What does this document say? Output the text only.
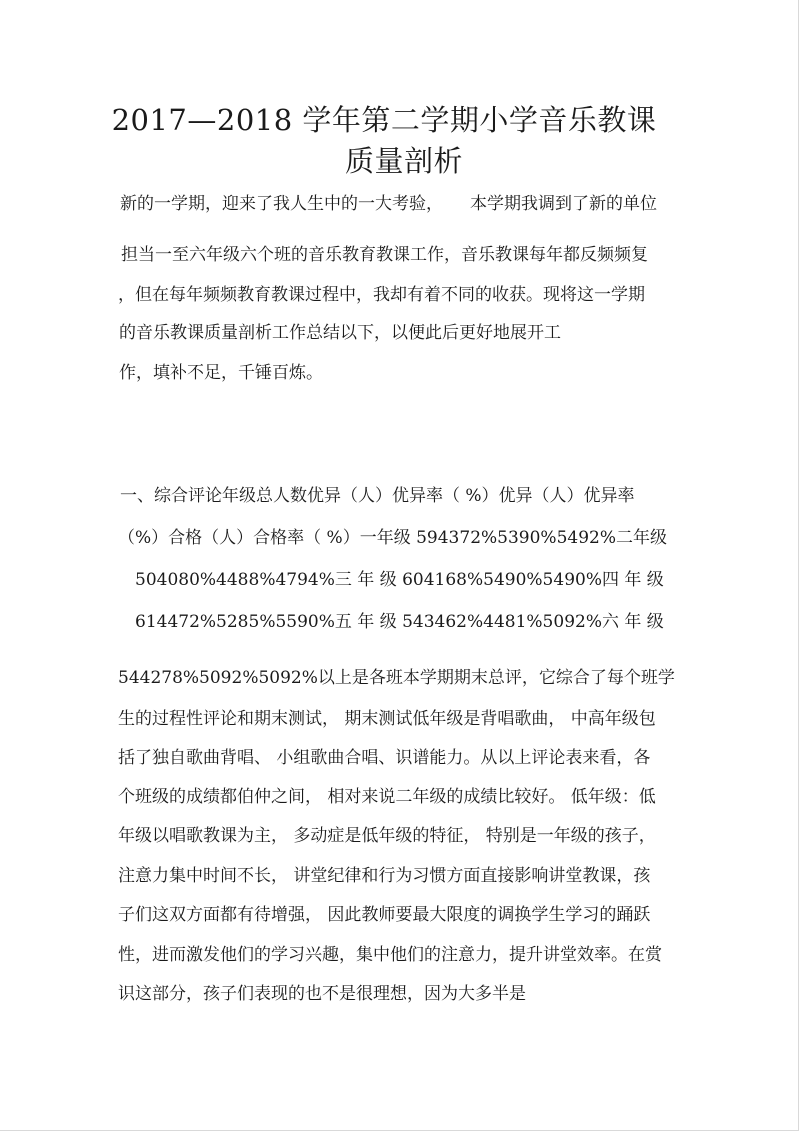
2017—2018 学年第二学期小学音乐教课
质量剖析
新的一学期，迎来了我人生中的一大考验， 本学期我调到了新的单位
担当一至六年级六个班的音乐教育教课工作，音乐教课每年都反频频复
，但在每年频频教育教课过程中，我却有着不同的收获。现将这一学期
的音乐教课质量剖析工作总结以下，以便此后更好地展开工
作，填补不足，千锤百炼。
一、综合评论年级总人数优异（人）优异率（ %）优异（人）优异率
（%）合格（人）合格率（ %）一年级 594372%5390%5492%二年级
504080%4488%4794%三 年 级 604168%5490%5490%四 年 级
614472%5285%5590%五 年 级 543462%4481%5092%六 年 级
544278%5092%5092%以上是各班本学期期末总评，它综合了每个班学
生的过程性评论和期末测试， 期末测试低年级是背唱歌曲， 中高年级包
括了独自歌曲背唱、 小组歌曲合唱、识谱能力。从以上评论表来看，各
个班级的成绩都伯仲之间， 相对来说二年级的成绩比较好。 低年级：低
年级以唱歌教课为主， 多动症是低年级的特征， 特别是一年级的孩子，
注意力集中时间不长， 讲堂纪律和行为习惯方面直接影响讲堂教课，孩
子们这双方面都有待增强， 因此教师要最大限度的调换学生学习的踊跃
性，进而激发他们的学习兴趣，集中他们的注意力，提升讲堂效率。在赏
识这部分，孩子们表现的也不是很理想，因为大多半是
